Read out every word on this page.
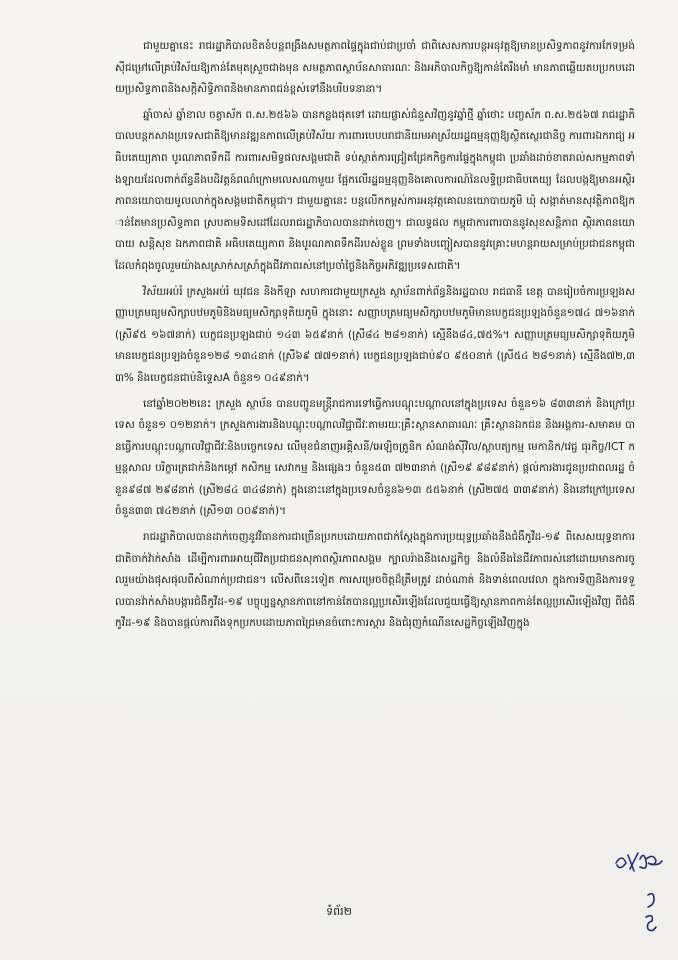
ជាមួយគ្នានេះ រាជរដ្ឋាភិបាលខិតខំបន្តពង្រឹងសមត្ថភាពផ្ទៃក្នុងជាប់ជាប្រចាំ ជាពិសេសការបន្តអនុវត្តឱ្យមានប្រសិទ្ធភាពនូវការកែទម្រង់ស៊ីជម្រៅលើគ្រប់វិស័យឱ្យកាន់តែមុតស្រួចជាងមុន សមត្ថភាពស្ថាប័នសាធារណៈ និងអភិបាលកិច្ចឱ្យកាន់តែរឹងមាំ មានភាពឆ្លើយតបប្រកបដោយប្រសិទ្ធភាពនិងសក្តិសិទ្ធិភាពនិងមានភាពជន់ខ្ពស់ទៅនឹងបរិបទនានា។

ឆ្នាំចាស់ ឆ្នាំខាល ចត្វាស័ក ព.ស.២៥៦៦ បានកន្លងផុតទៅ ដោយផ្លាស់ជំនួសវិញនូវឆ្នាំថ្មី ឆ្នាំថោះ បញ្ចស័ក ព.ស.២៥៦៧ រាជរដ្ឋាភិបាលបន្តកសាងប្រទេសជាតិឱ្យមានវឌ្ឍនភាពលើគ្រប់វិស័យ ការពារបេបបរាជានិយមអាស្រ័យរដ្ឋធម្មនុញ្ញឱ្យស្ថិតស្ថេរជានិច្ច ការពារឯករាជ្យ អធិបតេយ្យភាព បូរណភាពទឹកដី ការពារសមិទ្ធផលសង្គមជាតិ ទប់ស្កាត់ការជ្រៀតជ្រែកកិច្ចការផ្ទៃក្នុងកម្ពុជា ប្រឆាំងដាច់ខាតរាល់សកម្មភាពទាំងឡាយដែលពាក់ព័ន្ធនឹងបដិវត្តន៍ពណ៌ក្រោមលេសណាមួយ ផ្អែកលើរដ្ឋធម្មនុញ្ញនិងគោលការណ៍នៃលទ្ធិប្រជាធិបតេយ្យ ដែលបង្កឱ្យមានអស្ថិរភាពនយោបាយមូលលាក់ក្នុងសង្គមជាតិកម្ពុជា។ ជាមួយគ្នានេះ បន្តលើកកម្ពស់ការអនុវត្តគោលនយោបាយភូមិ ឃុំ សង្កាត់មានសុវត្ថិភាពឱ្យកាន់តែមានប្រសិទ្ធភាព ស្របតាមទិសដៅដែលរាជរដ្ឋាភិបាលបានដាក់ចេញ។ ជាលទ្ធផល កម្ពុជាការពារបាននូវសុខសន្តិភាព ស្ថិរភាពនយោបាយ សន្តិសុខ ឯកភាពជាតិ អធិបតេយ្យភាព និងបូរណភាពទឹកដីរបស់ខ្លួន ព្រមទាំងបញ្ចៀសបាននូវគ្រោះមហន្តរាយសម្រាប់ប្រជាជនកម្ពុជា ដែលកំពុងចូលរួមយ៉ាងសស្រាក់សស្រាំក្នុងជីវភាពរស់នៅប្រចាំថ្ងៃនិងកិច្ចអភិវឌ្ឍប្រទេសជាតិ។

វិស័យអប់រំ ក្រសួងអប់រំ យុវជន និងកីឡា សហការជាមួយក្រសួង ស្ថាប័នពាក់ព័ន្ធនិងរដ្ឋបាល រាជធានី ខេត្ត បានរៀបចំការប្រឡងសញ្ញាបត្រមធ្យមសិក្សាបឋមភូមិនិងមធ្យមសិក្សាទុតិយភូមិ ក្នុងនោះ សញ្ញាបត្រមធ្យមសិក្សាបឋមភូមិមានបេក្ខជនប្រឡងចំនួន១៧៤ ៧១៦នាក់ (ស្រី៩៥ ១៦៧នាក់) បេក្ខជនប្រឡងជាប់ ១៤៣ ៦៥៩នាក់ (ស្រី៨៤ ២៨១នាក់) ស្មើនឹង៨៤,៧៥%។ សញ្ញាបត្រមធ្យមសិក្សាទុតិយភូមិ មានបេក្ខជនប្រឡងចំនួន១២៨ ១៣៤នាក់ (ស្រី៦៩ ៧៧១នាក់) បេក្ខជនប្រឡងជាប់៩០ ៩៥០នាក់ (ស្រី៥៤ ២៨១នាក់) ស្មើនឹង៧២,៣៣% និងបេក្ខជនជាប់និទ្ទេសA ចំនួន១ ០៤៩នាក់។

នៅឆ្នាំ២០២២នេះ ក្រសួង ស្ថាប័ន បានបញ្ជូនមន្ត្រីរាជការទៅធ្វើការបណ្តុះបណ្តាលនៅក្នុងប្រទេស ចំនួន១៦ ៨៣៣នាក់ និងក្រៅប្រទេស ចំនួន១ ០១២នាក់។ ក្រសួងការងារនិងបណ្តុះបណ្តាលវិជ្ជាជីវៈតាមរយៈគ្រឹះស្ថានសាធារណៈ គ្រឹះស្ថានឯកជន និងអង្គការ-សមាគម បានធ្វើការបណ្តុះបណ្តាលវិជ្ជាជីវៈនិងបច្ចេកទេស លើមុខជំនាញអគ្គិសនី/អេឡិចត្រូនិក សំណង់ស៊ីវិល/ស្ថាបត្យកម្ម មេកានិក/វេជ្ជ ធុរកិច្ច/ICT កម្មន្តសាល បរិក្ខារត្រជាក់និងកម្តៅ កសិកម្ម សេវាកម្ម និងផ្សេងៗ ចំនួន៥៣ ៧២៣នាក់ (ស្រី១៩ ៩៨៩នាក់) ផ្តល់ការងារជូនប្រជាពលរដ្ឋ ចំនួន៩៨៧ ២៩៨នាក់ (ស្រី២៨៤ ៣៤៨នាក់) ក្នុងនោះនៅក្នុងប្រទេសចំនួន៦១៣ ៥៥៦នាក់ (ស្រី២៧៥ ៣៣៩នាក់) និងនៅក្រៅប្រទេស ចំនួន៣៣ ៧៤២នាក់ (ស្រី១៣ ០០៩នាក់)។

រាជរដ្ឋាភិបាលបានដាក់ចេញនូវវិធានការជាច្រើនប្រកបដោយភាពជាក់ស្តែងក្នុងការប្រយុទ្ធប្រឆាំងនឹងជំងឺកូវីដ-១៩ ពិសេសយុទ្ធនាការជាតិចាក់វ៉ាក់សាំង ដើម្បីការពារអាយុជីវិតប្រជាជនសុភាពស្ថិរភាពសង្គម ក្បាលរ៉ាងនីងសេដ្ឋកិច្ច និងលំនឹងនៃជីវភាពរស់នៅដោយមានការចូលរួមយ៉ាងផុសផុលពីសំណាក់ប្រជាជន។ លើសពីនេះទៀត ការសម្រេចចិត្តដ៏ត្រឹមត្រូវ ដាច់ណាត់ និងទាន់ពេលវេលា ក្នុងការទិញនិងការទទួលបានវ៉ាក់សាំងបង្ការជំងឺកូវីដ-១៩ បច្ចុប្បន្នស្ថានភាពនៅកាន់តែបានល្អប្រសើរឡើងដែលជួយធ្វើឱ្យស្ថានភាពកាន់តែល្អប្រសើរឡើងវិញ ពីជំងឺកូវីដ-១៩ និងបានផ្តល់ការពឹងទុកប្រកបដោយភាពជ្រៃមានចំពោះការស្តារ និងជំរុញកំណើនសេដ្ឋកិច្ចឡើងវិញក្នុង

ទំព័រ២
